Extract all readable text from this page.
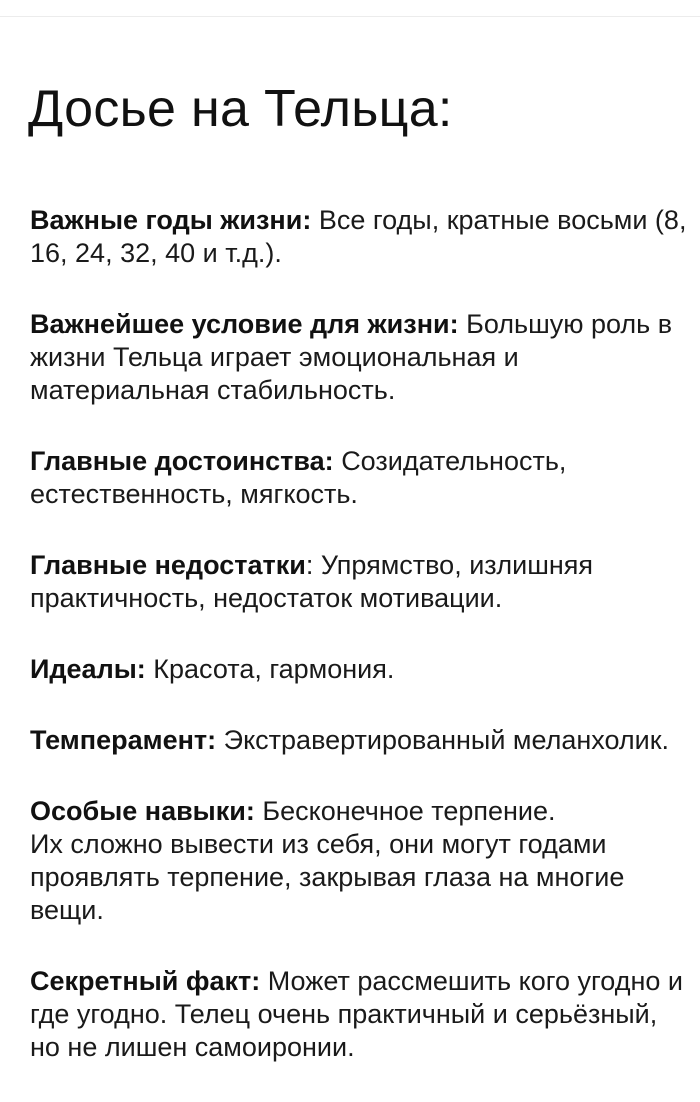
Досье на Тельца:

Важные годы жизни: Все годы, кратные восьми (8, 16, 24, 32, 40 и т.д.).

Важнейшее условие для жизни: Большую роль в жизни Тельца играет эмоциональная и материальная стабильность.

Главные достоинства: Созидательность, естественность, мягкость.

Главные недостатки: Упрямство, излишняя практичность, недостаток мотивации.

Идеалы: Красота, гармония.

Темперамент: Экстравертированный меланхолик.

Особые навыки: Бесконечное терпение.
Их сложно вывести из себя, они могут годами проявлять терпение, закрывая глаза на многие вещи.

Секретный факт: Может рассмешить кого угодно и где угодно. Телец очень практичный и серьёзный, но не лишен самоиронии.
